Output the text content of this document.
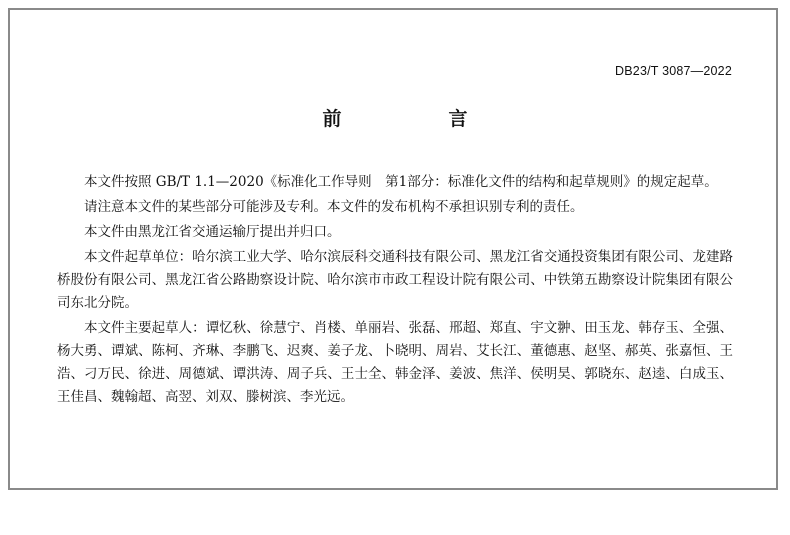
DB23/T 3087—2022
前　言

本文件按照 GB/T 1.1—2020《标准化工作导则　第1部分：标准化文件的结构和起草规则》的规定起草。

请注意本文件的某些部分可能涉及专利。本文件的发布机构不承担识别专利的责任。

本文件由黑龙江省交通运输厅提出并归口。

本文件起草单位：哈尔滨工业大学、哈尔滨辰科交通科技有限公司、黑龙江省交通投资集团有限公司、龙建路桥股份有限公司、黑龙江省公路勘察设计院、哈尔滨市市政工程设计院有限公司、中铁第五勘察设计院集团有限公司东北分院。

本文件主要起草人：谭忆秋、徐慧宁、肖楼、单丽岩、张磊、邢超、郑直、宇文翀、田玉龙、韩存玉、全强、杨大勇、谭斌、陈柯、齐琳、李鹏飞、迟爽、姜子龙、卜晓明、周岩、艾长江、董德惠、赵坚、郝英、张嘉恒、王浩、刁万民、徐进、周德斌、谭洪涛、周子兵、王士全、韩金泽、姜波、焦洋、侯明昊、郭晓东、赵逵、白成玉、王佳昌、魏翰超、高翌、刘双、滕树滨、李光远。
